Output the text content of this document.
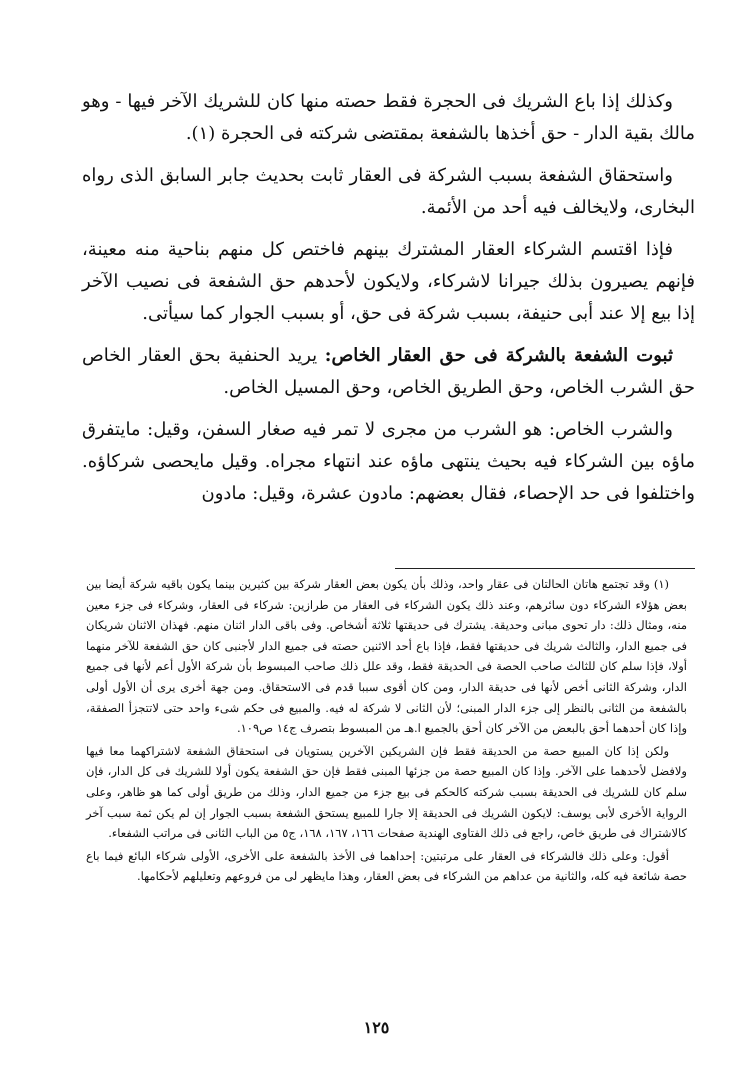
وكذلك إذا باع الشريك فى الحجرة فقط حصته منها كان للشريك الآخر فيها - وهو مالك بقية الدار - حق أخذها بالشفعة بمقتضى شركته فى الحجرة (١).

واستحقاق الشفعة بسبب الشركة فى العقار ثابت بحديث جابر السابق الذى رواه البخارى، ولايخالف فيه أحد من الأئمة.

فإذا اقتسم الشركاء العقار المشترك بينهم فاختص كل منهم بناحية منه معينة، فإنهم يصيرون بذلك جيرانا لاشركاء، ولايكون لأحدهم حق الشفعة فى نصيب الآخر إذا بيع إلا عند أبى حنيفة، بسبب شركة فى حق، أو بسبب الجوار كما سيأتى.

ثبوت الشفعة بالشركة فى حق العقار الخاص: يريد الحنفية بحق العقار الخاص حق الشرب الخاص، وحق الطريق الخاص، وحق المسيل الخاص.

والشرب الخاص: هو الشرب من مجرى لا تمر فيه صغار السفن، وقيل: مايتفرق ماؤه بين الشركاء فيه بحيث ينتهى ماؤه عند انتهاء مجراه. وقيل مايحصى شركاؤه. واختلفوا فى حد الإحصاء، فقال بعضهم: مادون عشرة، وقيل: مادون

(١) وقد تجتمع هاتان الحالتان فى عقار واحد، وذلك بأن يكون بعض العقار شركة بين كثيرين بينما يكون باقيه شركة أيضا بين بعض هؤلاء الشركاء دون سائرهم، وعند ذلك يكون الشركاء فى العقار من طرازين: شركاء فى العقار، وشركاء فى جزء معين منه، ومثال ذلك: دار تحوى مبانى وحديقة. يشترك فى حديقتها ثلاثة أشخاص. وفى باقى الدار اثنان منهم. فهذان الاثنان شريكان فى جميع الدار، والثالث شريك فى حديقتها فقط، فإذا باع أحد الاثنين حصته فى جميع الدار لأجنبى كان حق الشفعة للآخر منهما أولا، فإذا سلم كان للثالث صاحب الحصة فى الحديقة فقط، وقد علل ذلك صاحب المبسوط بأن شركة الأول أعم لأنها فى جميع الدار، وشركة الثانى أخص لأنها فى حديقة الدار، ومن كان أقوى سببا قدم فى الاستحقاق. ومن جهة أخرى يرى أن الأول أولى بالشفعة من الثانى بالنظر إلى جزء الدار المبنى؛ لأن الثانى لا شركة له فيه. والمبيع فى حكم شىء واحد حتى لاتتجزأ الصفقة، وإذا كان أحدهما أحق بالبعض من الآخر كان أحق بالجميع ا.هـ من المبسوط بتصرف ج١٤ ص١٠٩.

ولكن إذا كان المبيع حصة من الحديقة فقط فإن الشريكين الآخرين يستويان فى استحقاق الشفعة لاشتراكهما معا فيها ولافضل لأحدهما على الآخر. وإذا كان المبيع حصة من جزئها المبنى فقط فإن حق الشفعة يكون أولا للشريك فى كل الدار، فإن سلم كان للشريك فى الحديقة بسبب شركته كالحكم فى بيع جزء من جميع الدار، وذلك من طريق أولى كما هو ظاهر، وعلى الرواية الأخرى لأبى يوسف: لايكون الشريك فى الحديقة إلا جارا للمبيع يستحق الشفعة بسبب الجوار إن لم يكن ثمة سبب آخر كالاشتراك فى طريق خاص، راجع فى ذلك الفتاوى الهندية صفحات ١٦٦، ١٦٧، ١٦٨، ج٥ من الباب الثانى فى مراتب الشفعاء.

أقول: وعلى ذلك فالشركاء فى العقار على مرتبتين: إحداهما فى الأخذ بالشفعة على الأخرى، الأولى شركاء البائع فيما باع حصة شائعة فيه كله، والثانية من عداهم من الشركاء فى بعض العقار، وهذا مايظهر لى من فروعهم وتعليلهم لأحكامها.

١٢٥
